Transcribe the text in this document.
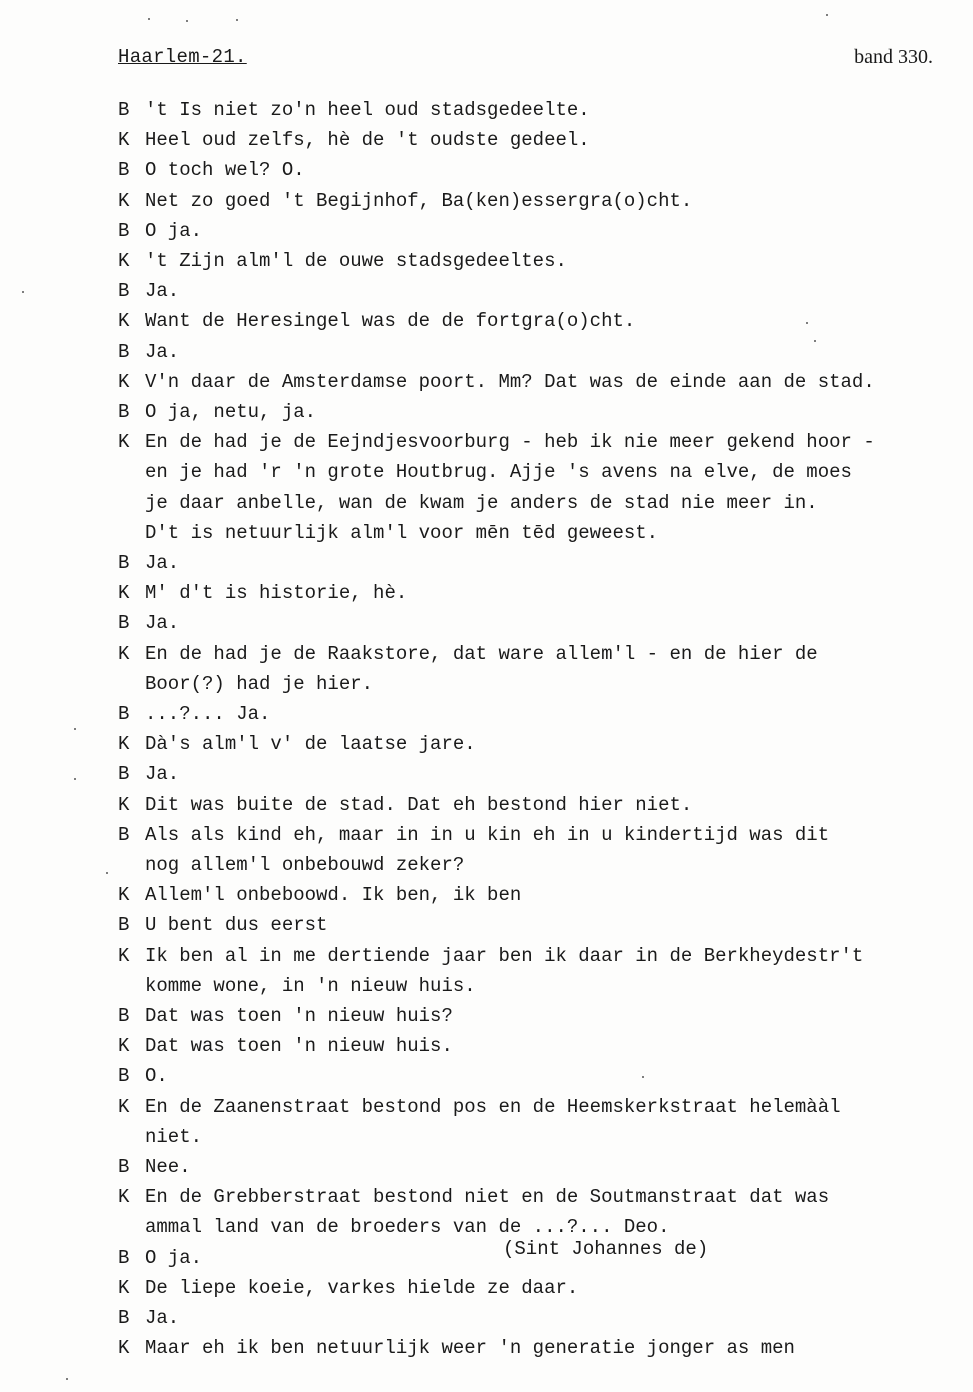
Haarlem-21.	band 330.
B 't Is niet zo'n heel oud stadsgedeelte.
K Heel oud zelfs, hè de 't oudste gedeel.
B O toch wel? O.
K Net zo goed 't Begijnhof, Ba(ken)essergra(o)cht.
B O ja.
K 't Zijn alm'l de ouwe stadsgedeeltes.
B Ja.
K Want de Heresingel was de de fortgra(o)cht.
B Ja.
K V'n daar de Amsterdamse poort. Mm? Dat was de einde aan de stad.
B O ja, netu, ja.
K En de had je de Eejndjesvoorburg - heb ik nie meer gekend hoor -
en je had 'r 'n grote Houtbrug. Ajje 's avens na elve, de moes
je daar anbelle, wan de kwam je anders de stad nie meer in.
D't is netuurlijk alm'l voor mēn tēd geweest.
B Ja.
K M' d't is historie, hè.
B Ja.
K En de had je de Raakstore, dat ware allem'l - en de hier de
Boor(?) had je hier.
B ...?... Ja.
K Dà's alm'l v' de laatse jare.
B Ja.
K Dit was buite de stad. Dat eh bestond hier niet.
B Als als kind eh, maar in in u kin eh in u kindertijd was dit
nog allem'l onbebouwd zeker?
K Allem'l onbeboowd. Ik ben, ik ben
B U bent dus eerst
K Ik ben al in me dertiende jaar ben ik daar in de Berkheydestr't
komme wone, in 'n nieuw huis.
B Dat was toen 'n nieuw huis?
K Dat was toen 'n nieuw huis.
B O.
K En de Zaanenstraat bestond pos en de Heemskerkstraat helemààl
niet.
B Nee.
K En de Grebberstraat bestond niet en de Soutmanstraat dat was
ammal land van de broeders van de ...?... Deo.
B O ja.
K De liepe koeie, varkes hielde ze daar.
B Ja.
K Maar eh ik ben netuurlijk weer 'n generatie jonger as men
(Sint Johannes de)
